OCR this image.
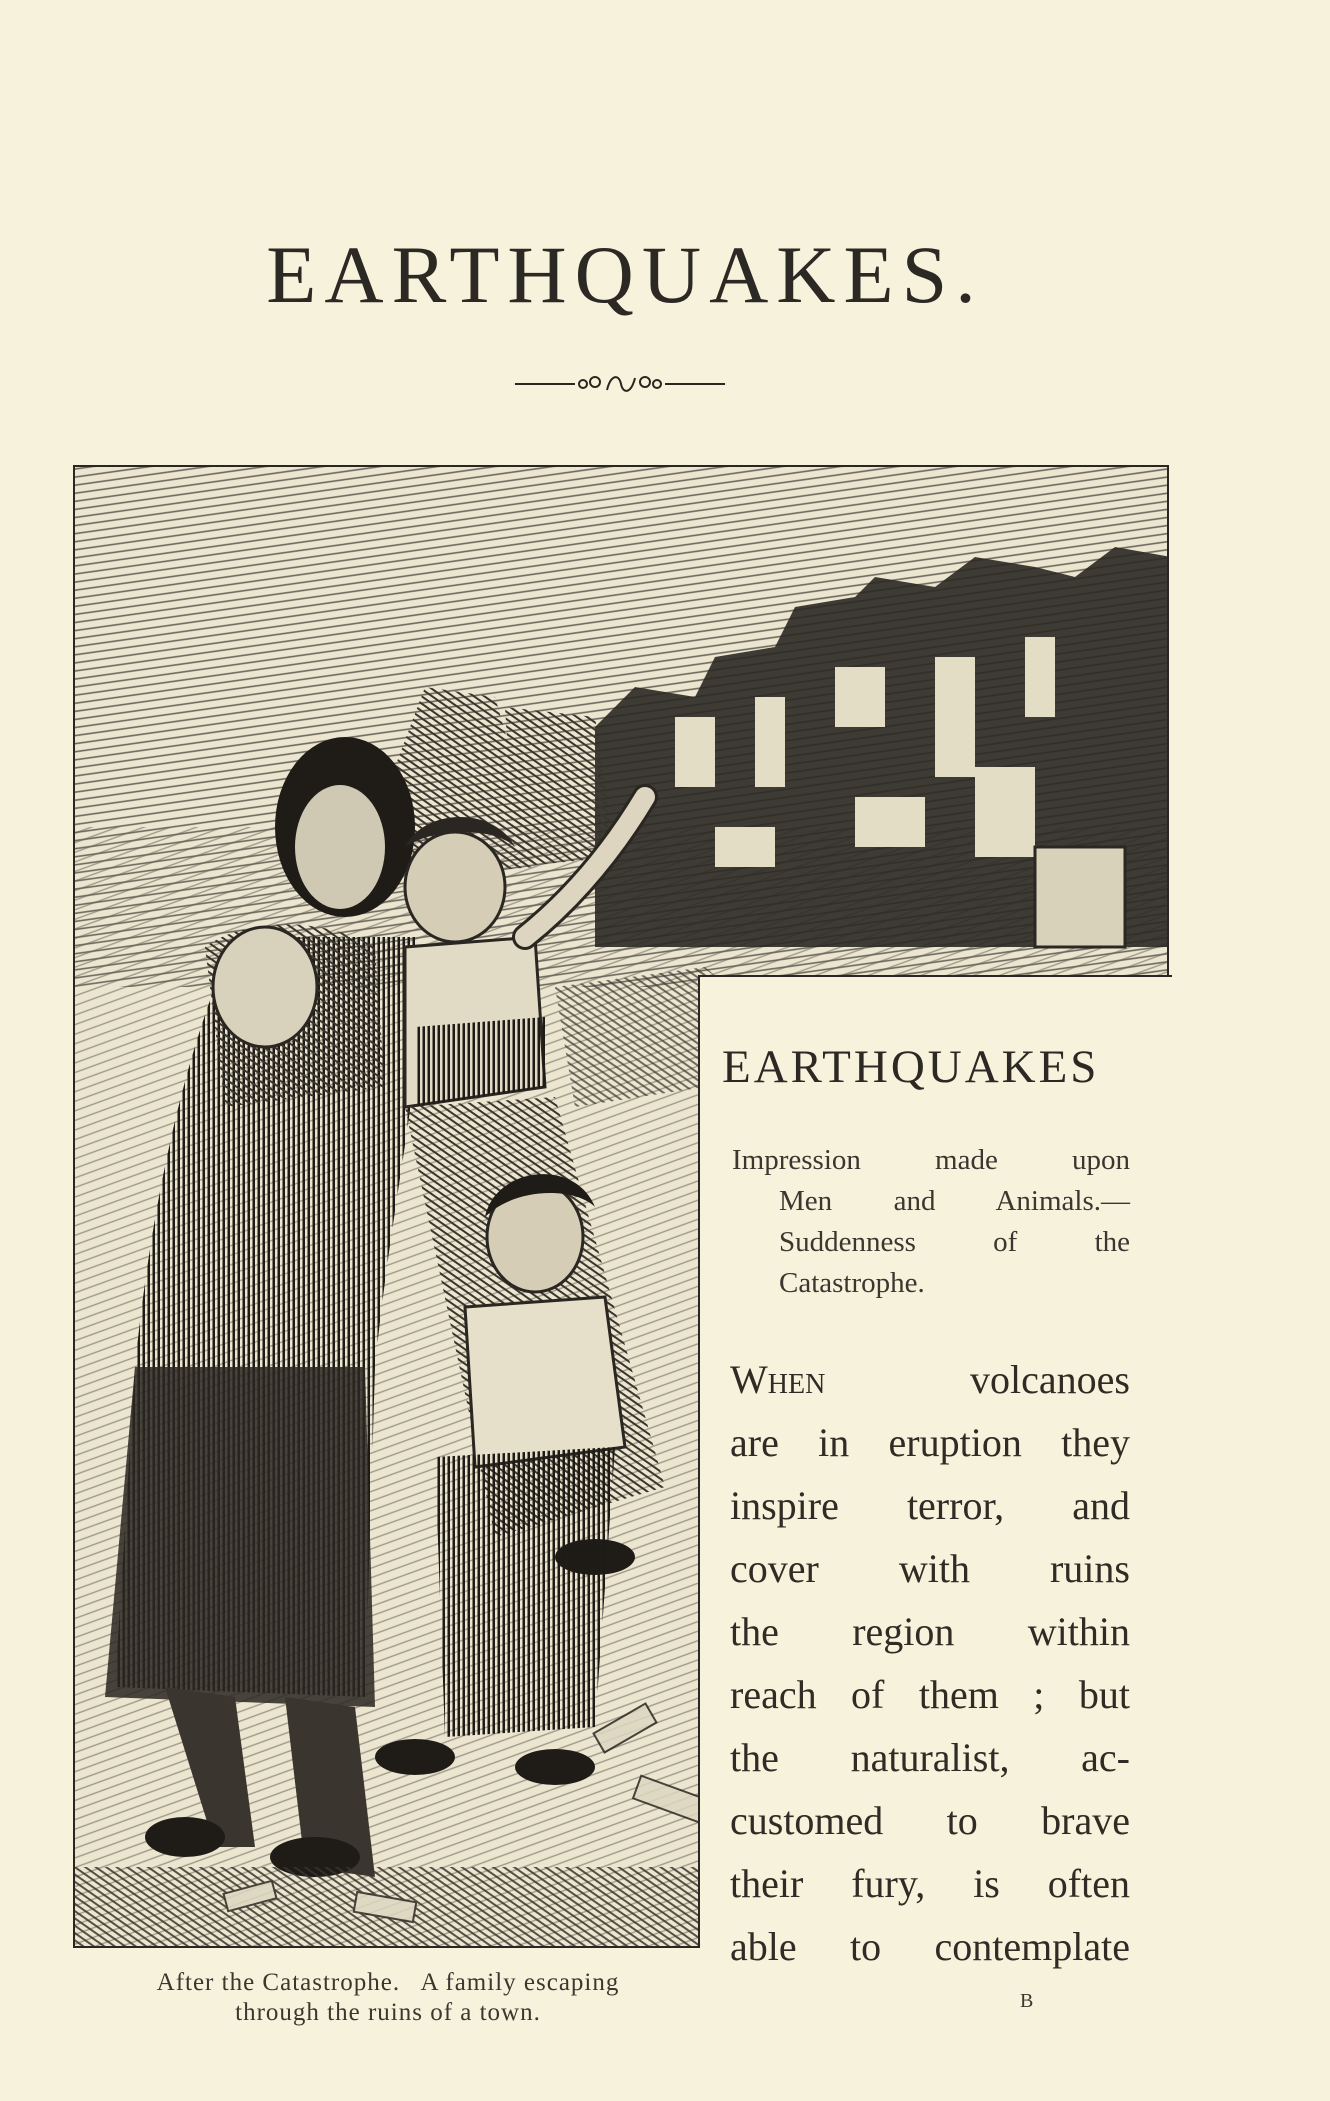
EARTHQUAKES.
EARTHQUAKES
Impression made upon
Men and Animals.—
Suddenness of the
Catastrophe.
When	volcanoes
are in eruption they
inspire terror, and
cover with ruins
the region within
reach of them ; but
the naturalist, ac-
customed to brave
their fury, is often
able to contemplate
After the Catastrophe.   A family escaping
through the ruins of a town.	B
